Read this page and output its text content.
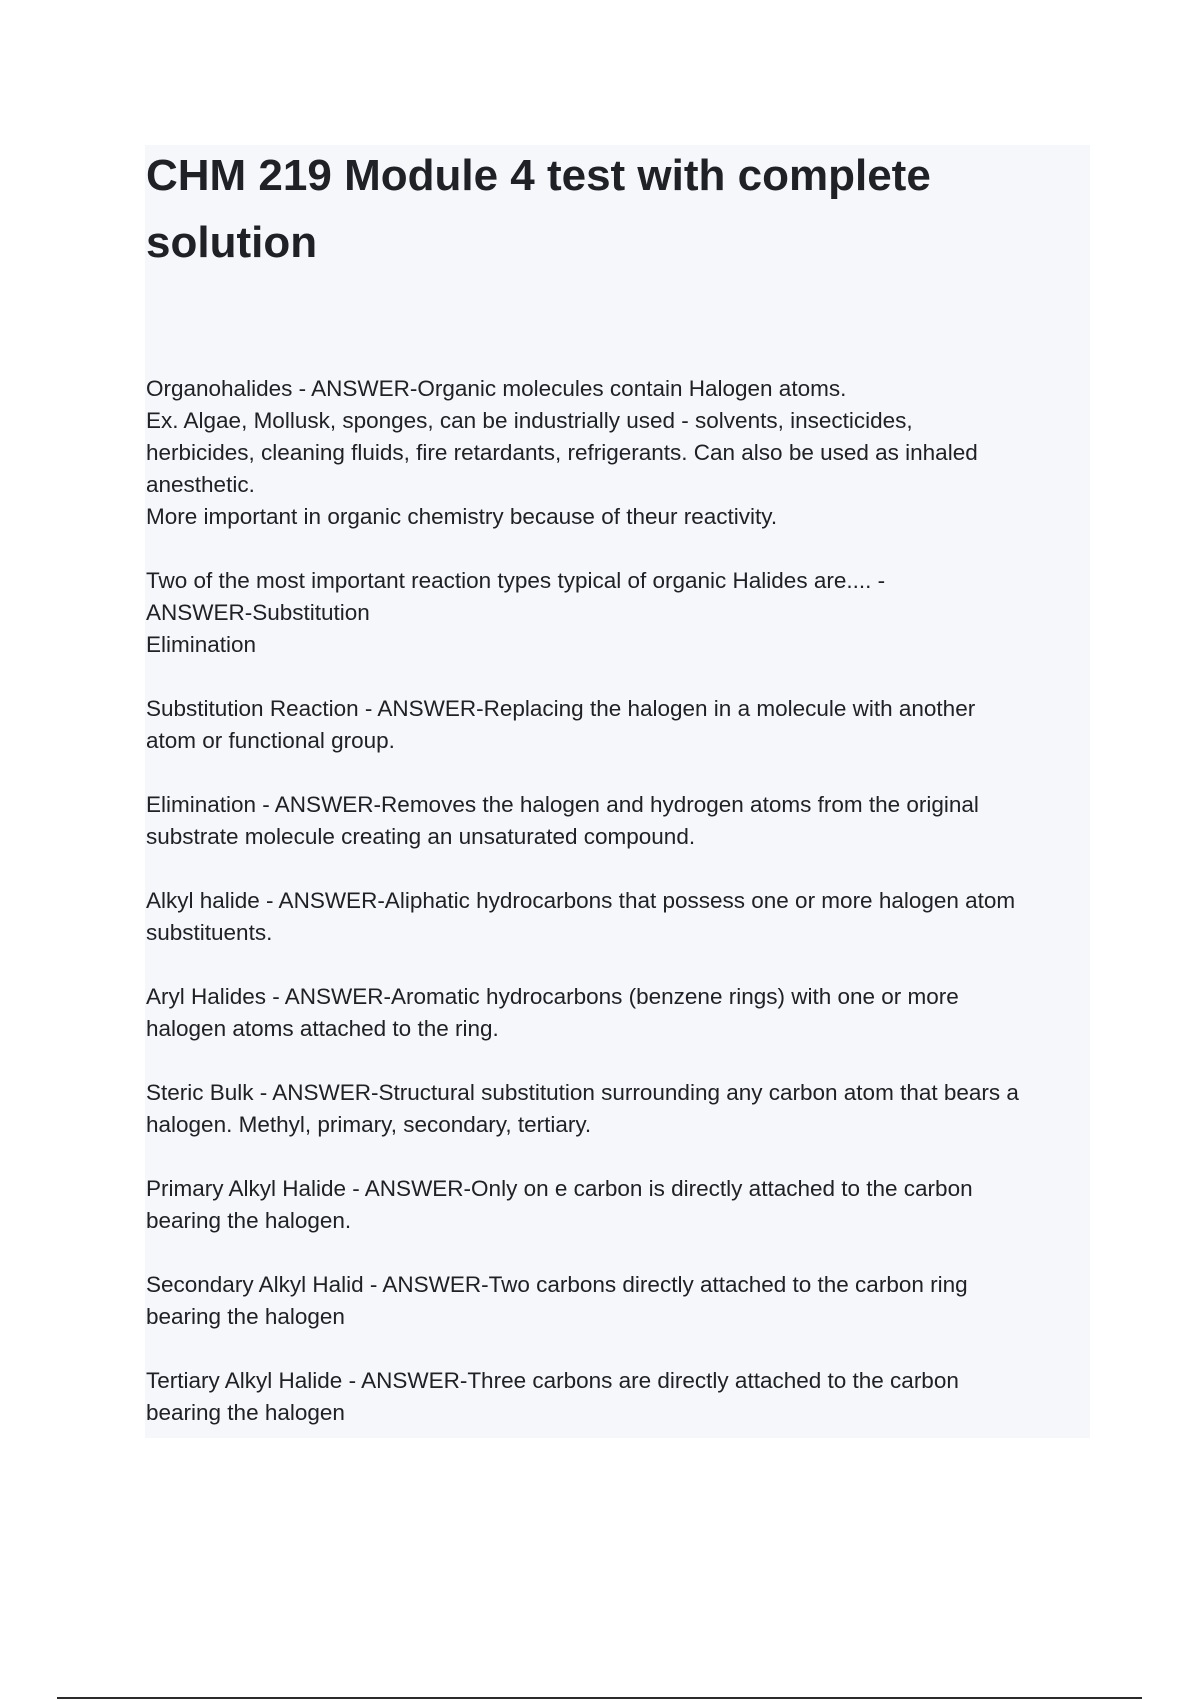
CHM 219 Module 4 test with complete solution

Organohalides - ANSWER-Organic molecules contain Halogen atoms.
Ex. Algae, Mollusk, sponges, can be industrially used - solvents, insecticides,
herbicides, cleaning fluids, fire retardants, refrigerants. Can also be used as inhaled
anesthetic.
More important in organic chemistry because of theur reactivity.

Two of the most important reaction types typical of organic Halides are.... -
ANSWER-Substitution
Elimination

Substitution Reaction - ANSWER-Replacing the halogen in a molecule with another
atom or functional group.

Elimination - ANSWER-Removes the halogen and hydrogen atoms from the original
substrate molecule creating an unsaturated compound.

Alkyl halide - ANSWER-Aliphatic hydrocarbons that possess one or more halogen atom
substituents.

Aryl Halides - ANSWER-Aromatic hydrocarbons (benzene rings) with one or more
halogen atoms attached to the ring.

Steric Bulk - ANSWER-Structural substitution surrounding any carbon atom that bears a
halogen. Methyl, primary, secondary, tertiary.

Primary Alkyl Halide - ANSWER-Only on e carbon is directly attached to the carbon
bearing the halogen.

Secondary Alkyl Halid - ANSWER-Two carbons directly attached to the carbon ring
bearing the halogen

Tertiary Alkyl Halide - ANSWER-Three carbons are directly attached to the carbon
bearing the halogen
